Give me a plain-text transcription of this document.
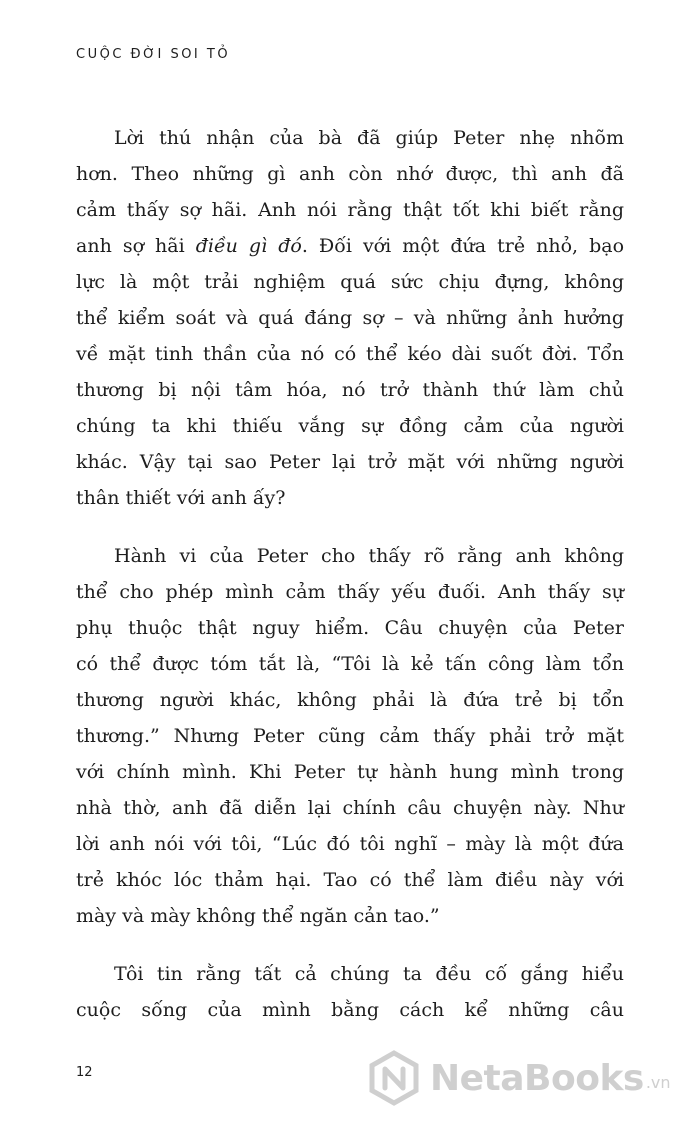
CUỘC ĐỜI SOI TỎ
Lời thú nhận của bà đã giúp Peter nhẹ nhõm
hơn. Theo những gì anh còn nhớ được, thì anh đã
cảm thấy sợ hãi. Anh nói rằng thật tốt khi biết rằng
anh sợ hãi điều gì đó. Đối với một đứa trẻ nhỏ, bạo
lực là một trải nghiệm quá sức chịu đựng, không
thể kiểm soát và quá đáng sợ – và những ảnh hưởng
về mặt tinh thần của nó có thể kéo dài suốt đời. Tổn
thương bị nội tâm hóa, nó trở thành thứ làm chủ
chúng ta khi thiếu vắng sự đồng cảm của người
khác. Vậy tại sao Peter lại trở mặt với những người
thân thiết với anh ấy?
Hành vi của Peter cho thấy rõ rằng anh không
thể cho phép mình cảm thấy yếu đuối. Anh thấy sự
phụ thuộc thật nguy hiểm. Câu chuyện của Peter
có thể được tóm tắt là, “Tôi là kẻ tấn công làm tổn
thương người khác, không phải là đứa trẻ bị tổn
thương.” Nhưng Peter cũng cảm thấy phải trở mặt
với chính mình. Khi Peter tự hành hung mình trong
nhà thờ, anh đã diễn lại chính câu chuyện này. Như
lời anh nói với tôi, “Lúc đó tôi nghĩ – mày là một đứa
trẻ khóc lóc thảm hại. Tao có thể làm điều này với
mày và mày không thể ngăn cản tao.”
Tôi tin rằng tất cả chúng ta đều cố gắng hiểu
cuộc sống của mình bằng cách kể những câu
12	NetaBooks .vn
